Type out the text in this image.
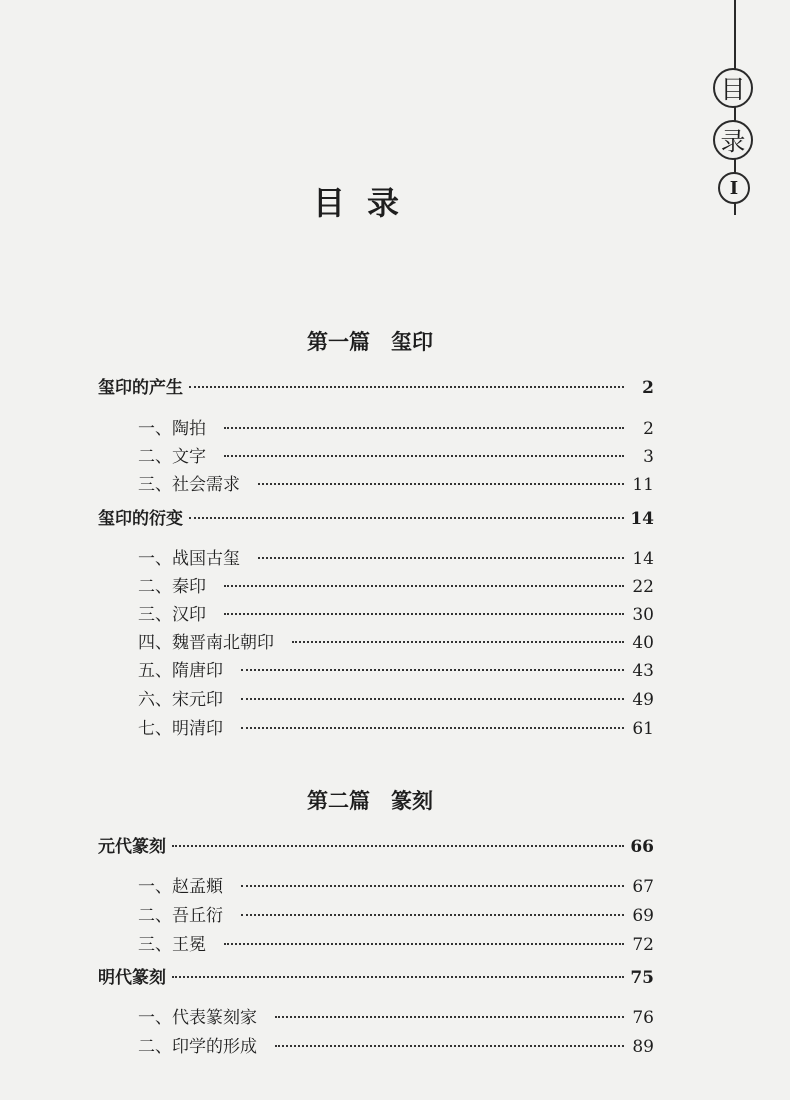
目
录
I
目录
第一篇　玺印
玺印的产生	2
一、陶拍	2
二、文字	3
三、社会需求	11
玺印的衍变	14
一、战国古玺	14
二、秦印	22
三、汉印	30
四、魏晋南北朝印	40
五、隋唐印	43
六、宋元印	49
七、明清印	61
第二篇　篆刻
元代篆刻	66
一、赵孟頫	67
二、吾丘衍	69
三、王冕	72
明代篆刻	75
一、代表篆刻家	76
二、印学的形成	89
